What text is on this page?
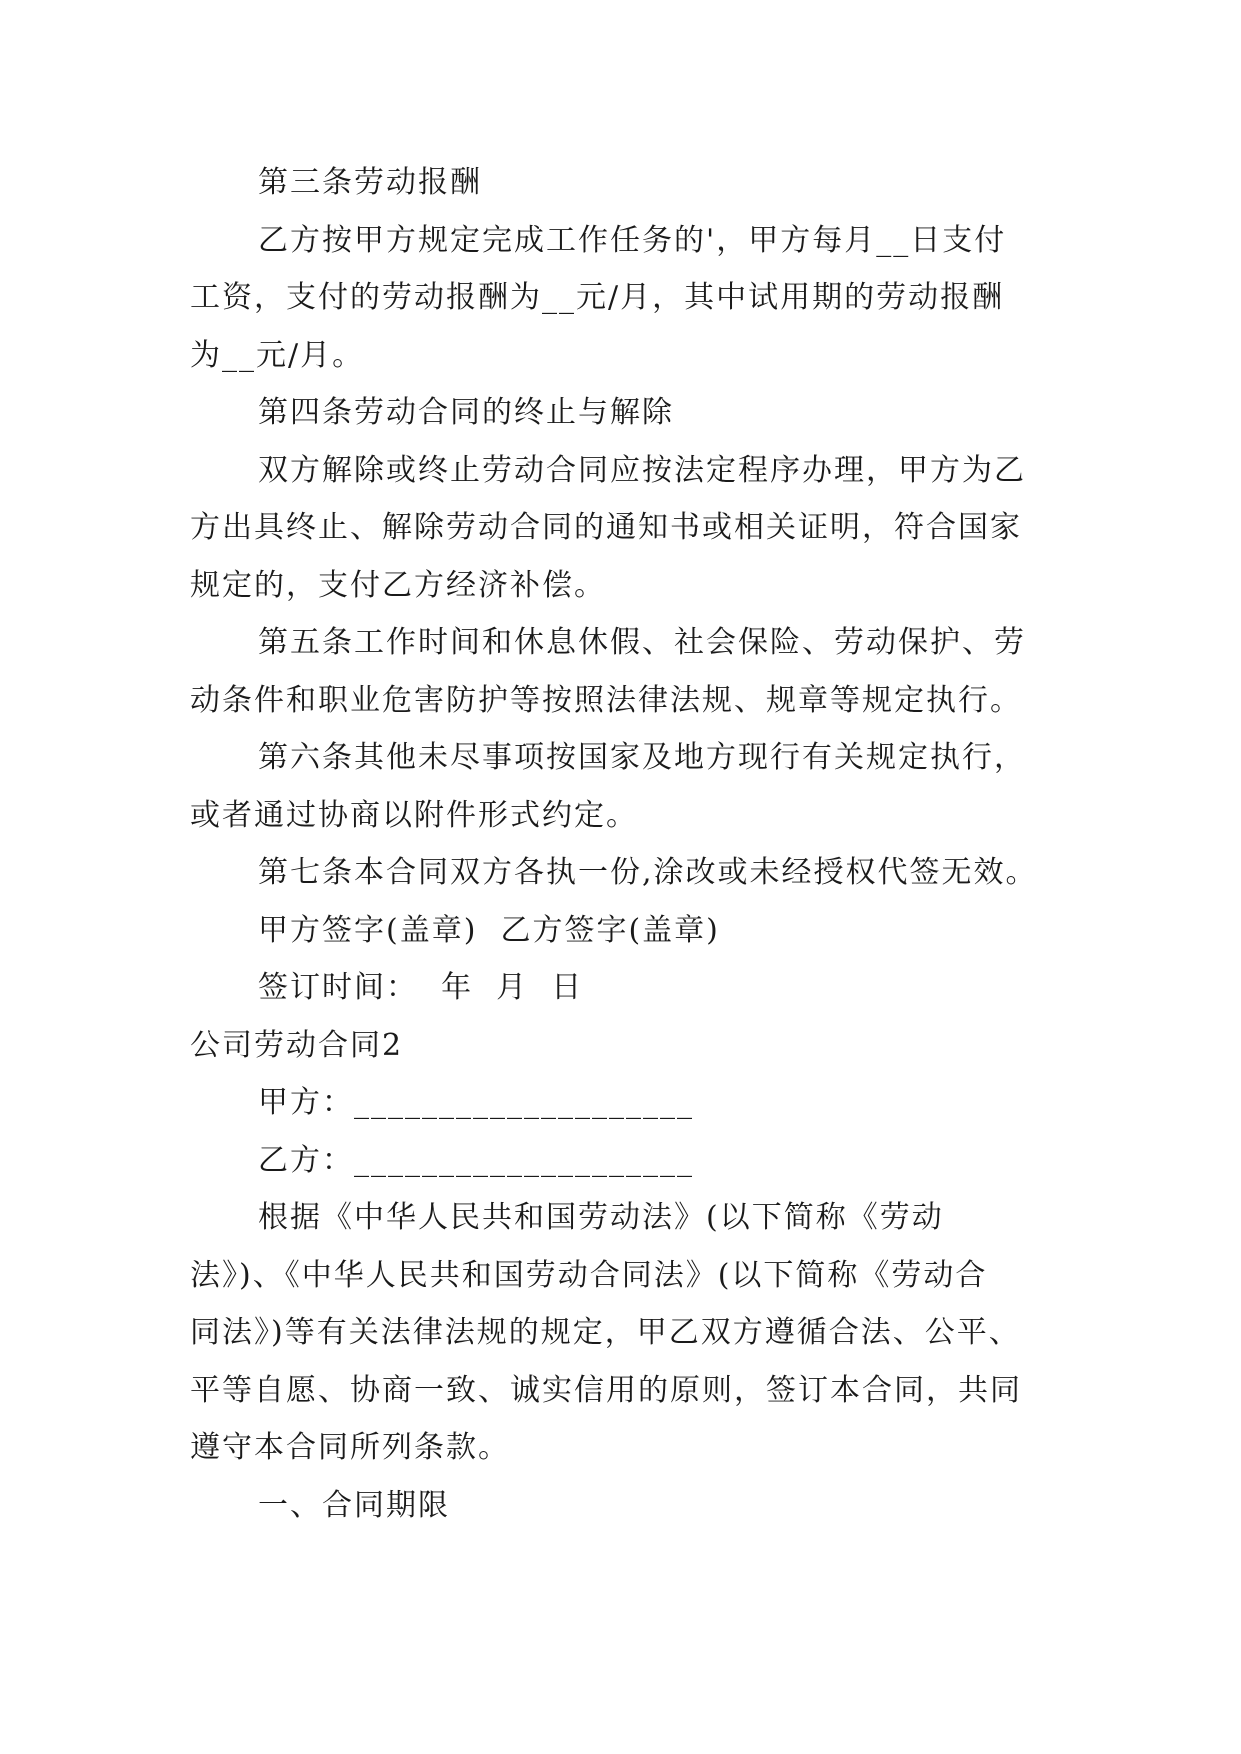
第三条劳动报酬
乙方按甲方规定完成工作任务的'，甲方每月__日支付
工资，支付的劳动报酬为__元/月，其中试用期的劳动报酬
为__元/月。
第四条劳动合同的终止与解除
双方解除或终止劳动合同应按法定程序办理，甲方为乙
方出具终止、解除劳动合同的通知书或相关证明，符合国家
规定的，支付乙方经济补偿。
第五条工作时间和休息休假、社会保险、劳动保护、劳
动条件和职业危害防护等按照法律法规、规章等规定执行。
第六条其他未尽事项按国家及地方现行有关规定执行，
或者通过协商以附件形式约定。
第七条本合同双方各执一份,涂改或未经授权代签无效。
甲方签字(盖章)  乙方签字(盖章)
签订时间：  年  月  日
公司劳动合同2
甲方：____________________
乙方：____________________
根据《中华人民共和国劳动法》(以下简称《劳动
法》)、《中华人民共和国劳动合同法》(以下简称《劳动合
同法》)等有关法律法规的规定，甲乙双方遵循合法、公平、
平等自愿、协商一致、诚实信用的原则，签订本合同，共同
遵守本合同所列条款。
一、合同期限
